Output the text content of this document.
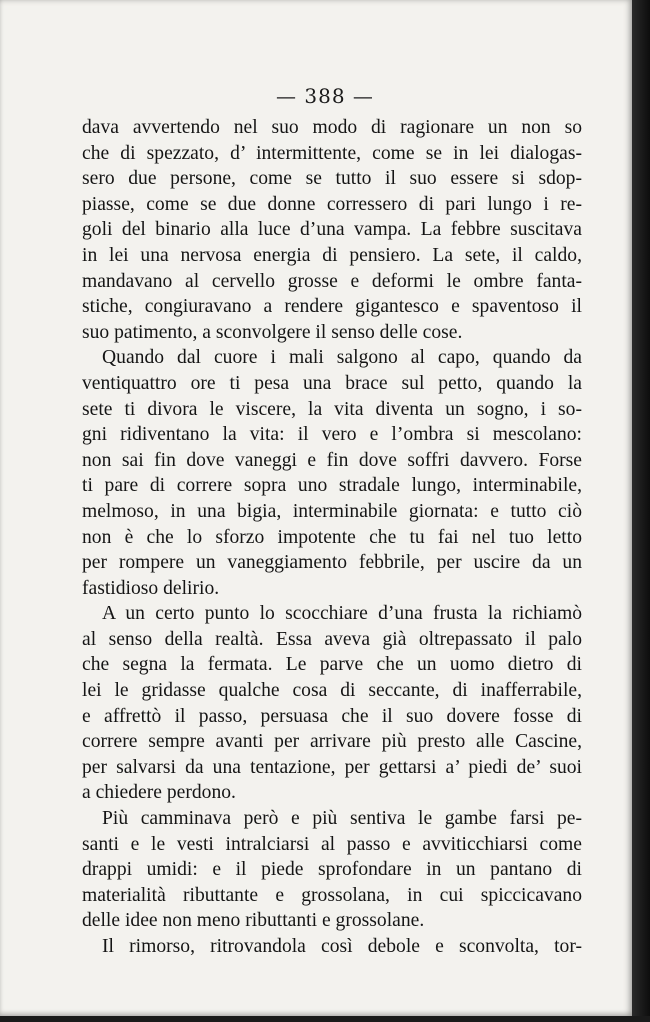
— 388 —
dava avvertendo nel suo modo di ragionare un non so
che di spezzato, d’ intermittente, come se in lei dialogas-
sero due persone, come se tutto il suo essere si sdop-
piasse, come se due donne corressero di pari lungo i re-
goli del binario alla luce d’una vampa. La febbre suscitava
in lei una nervosa energia di pensiero. La sete, il caldo,
mandavano al cervello grosse e deformi le ombre fanta-
stiche, congiuravano a rendere gigantesco e spaventoso il
suo patimento, a sconvolgere il senso delle cose.
Quando dal cuore i mali salgono al capo, quando da
ventiquattro ore ti pesa una brace sul petto, quando la
sete ti divora le viscere, la vita diventa un sogno, i so-
gni ridiventano la vita: il vero e l’ombra si mescolano:
non sai fin dove vaneggi e fin dove soffri davvero. Forse
ti pare di correre sopra uno stradale lungo, interminabile,
melmoso, in una bigia, interminabile giornata: e tutto ciò
non è che lo sforzo impotente che tu fai nel tuo letto
per rompere un vaneggiamento febbrile, per uscire da un
fastidioso delirio.
A un certo punto lo scocchiare d’una frusta la richiamò
al senso della realtà. Essa aveva già oltrepassato il palo
che segna la fermata. Le parve che un uomo dietro di
lei le gridasse qualche cosa di seccante, di inafferrabile,
e affrettò il passo, persuasa che il suo dovere fosse di
correre sempre avanti per arrivare più presto alle Cascine,
per salvarsi da una tentazione, per gettarsi a’ piedi de’ suoi
a chiedere perdono.
Più camminava però e più sentiva le gambe farsi pe-
santi e le vesti intralciarsi al passo e avviticchiarsi come
drappi umidi: e il piede sprofondare in un pantano di
materialità ributtante e grossolana, in cui spiccicavano
delle idee non meno ributtanti e grossolane.
Il rimorso, ritrovandola così debole e sconvolta, tor-
